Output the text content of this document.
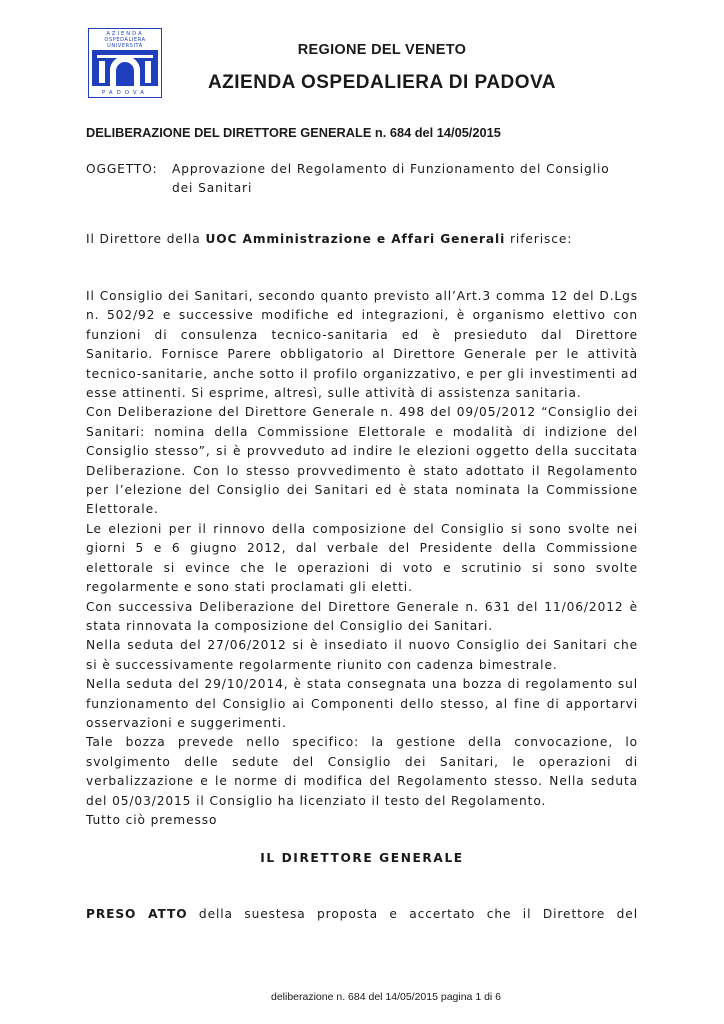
AZIENDA
OSPEDALIERA
UNIVERSITÀ
PADOVA
REGIONE DEL VENETO
AZIENDA OSPEDALIERA DI PADOVA
DELIBERAZIONE DEL DIRETTORE GENERALE n. 684 del 14/05/2015
OGGETTO:	Approvazione del Regolamento di Funzionamento del Consiglio
dei Sanitari
Il Direttore della UOC Amministrazione e Affari Generali riferisce:

Il Consiglio dei Sanitari, secondo quanto previsto all’Art.3 comma 12 del D.Lgs n. 502/92 e successive modifiche ed integrazioni, è organismo elettivo con funzioni di consulenza tecnico-sanitaria ed è presieduto dal Direttore Sanitario. Fornisce Parere obbligatorio al Direttore Generale per le attività tecnico-sanitarie, anche sotto il profilo organizzativo, e per gli investimenti ad esse attinenti. Si esprime, altresì, sulle attività di assistenza sanitaria.

Con Deliberazione del Direttore Generale n. 498 del 09/05/2012 “Consiglio dei Sanitari: nomina della Commissione Elettorale e modalità di indizione del Consiglio stesso”, si è provveduto ad indire le elezioni oggetto della succitata Deliberazione. Con lo stesso provvedimento è stato adottato il Regolamento per l’elezione del Consiglio dei Sanitari ed è stata nominata la Commissione Elettorale.

Le elezioni per il rinnovo della composizione del Consiglio si sono svolte nei giorni 5 e 6 giugno 2012, dal verbale del Presidente della Commissione elettorale si evince che le operazioni di voto e scrutinio si sono svolte regolarmente e sono stati proclamati gli eletti.

Con successiva Deliberazione del Direttore Generale n. 631 del 11/06/2012 è stata rinnovata la composizione del Consiglio dei Sanitari.

Nella seduta del 27/06/2012 si è insediato il nuovo Consiglio dei Sanitari che si è successivamente regolarmente riunito con cadenza bimestrale.

Nella seduta del 29/10/2014, è stata consegnata una bozza di regolamento sul funzionamento del Consiglio ai Componenti dello stesso, al fine di apportarvi osservazioni e suggerimenti.

Tale bozza prevede nello specifico: la gestione della convocazione, lo svolgimento delle sedute del Consiglio dei Sanitari, le operazioni di verbalizzazione e le norme di modifica del Regolamento stesso. Nella seduta del 05/03/2015 il Consiglio ha licenziato il testo del Regolamento.

Tutto ciò premesso

IL DIRETTORE GENERALE
PRESO ATTO della suestesa proposta e accertato che il Direttore del
deliberazione n. 684 del 14/05/2015 pagina 1 di 6
